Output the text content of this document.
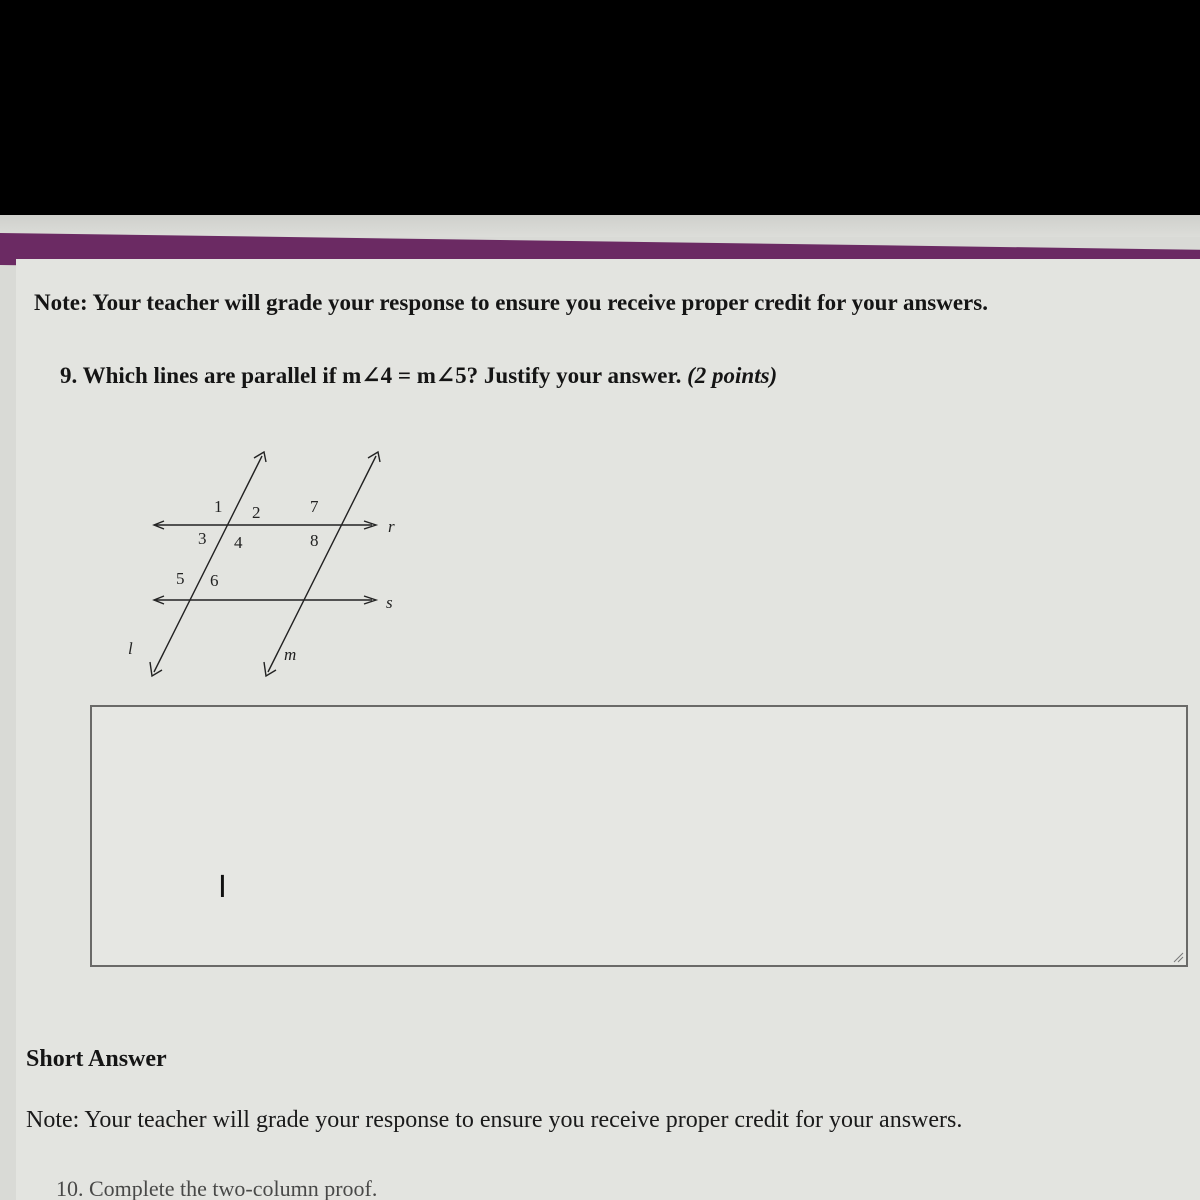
Note: Your teacher will grade your response to ensure you receive proper credit for your answers.
9. Which lines are parallel if m∠4 = m∠5? Justify your answer. (2 points)
1 2
3 4
5 6
7
8
r
s
l	m
I
Short Answer
Note: Your teacher will grade your response to ensure you receive proper credit for your answers.
10. Complete the two-column proof.
